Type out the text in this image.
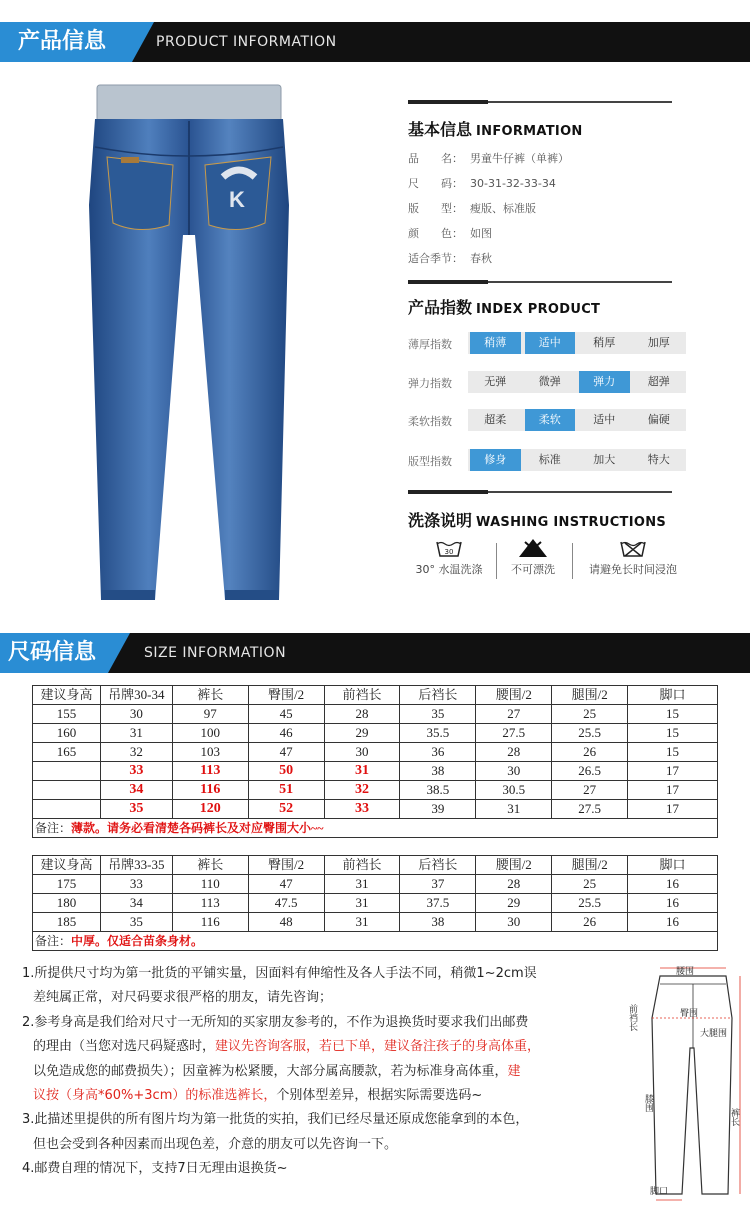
产品信息	PRODUCT INFORMATION
K
基本信息 INFORMATION
品　　名： 男童牛仔裤（单裤）
尺　　码： 30-31-32-33-34
版　　型： 瘦版、标准版
颜　　色： 如图
适合季节： 春秋
产品指数 INDEX PRODUCT
薄厚指数	稍薄	适中	稍厚	加厚
弹力指数	无弹	微弹	弹力	超弹
柔软指数	超柔	柔软	适中	偏硬
版型指数	修身	标准	加大	特大
洗涤说明 WASHING INSTRUCTIONS
30
30° 水温洗涤	不可漂洗	请避免长时间浸泡
尺码信息	SIZE INFORMATION
建议身高	吊牌30-34	裤长	臀围/2	前裆长	后裆长	腰围/2	腿围/2	脚口
155	30	97	45	28	35	27	25	15
160	31	100	46	29	35.5	27.5	25.5	15
165	32	103	47	30	36	28	26	15
	33	113	50	31	38	30	26.5	17
	34	116	51	32	38.5	30.5	27	17
	35	120	52	33	39	31	27.5	17
备注：薄款。请务必看清楚各码裤长及对应臀围大小~~								
建议身高	吊牌33-35	裤长	臀围/2	前裆长	后裆长	腰围/2	腿围/2	脚口
175	33	110	47	31	37	28	25	16
180	34	113	47.5	31	37.5	29	25.5	16
185	35	116	48	31	38	30	26	16
备注：中厚。仅适合苗条身材。								

1.所提供尺寸均为第一批货的平铺实量，因面料有伸缩性及各人手法不同，稍微1~2cm误

差纯属正常，对尺码要求很严格的朋友，请先咨询；

2.参考身高是我们给对尺寸一无所知的买家朋友参考的，不作为退换货时要求我们出邮费

的理由（当您对选尺码疑惑时，建议先咨询客服，若已下单，建议备注孩子的身高体重，

以免造成您的邮费损失）；因童裤为松紧腰，大部分属高腰款，若为标准身高体重，建

议按（身高*60%+3cm）的标准选裤长，个别体型差异，根据实际需要选码~

3.此描述里提供的所有图片均为第一批货的实拍，我们已经尽量还原成您能拿到的本色，

但也会受到各种因素而出现色差，介意的朋友可以先咨询一下。

4.邮费自理的情况下，支持7日无理由退换货~

腰围
前裆长	臀围
大腿围
膝围
裤长
脚口
